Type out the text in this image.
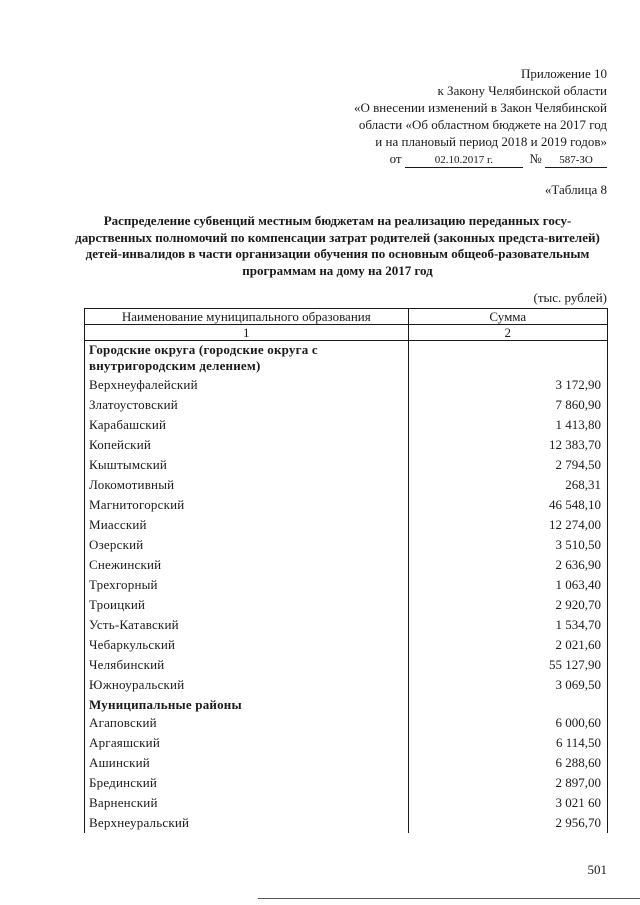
Приложение 10
к Закону Челябинской области
«О внесении изменений в Закон Челябинской
области «Об областном бюджете на 2017 год
и на плановый период 2018 и 2019 годов»
от	02.10.2017 г.	№ 587-ЗО
«Таблица 8
Распределение субвенций местным бюджетам на реализацию переданных госу-дарственных полномочий по компенсации затрат родителей (законных предста-вителей) детей-инвалидов в части организации обучения по основным общеоб-разовательным программам на дому на 2017 год
(тыс. рублей)
Наименование муниципального образования	Сумма
1	2
Городские округа (городские округа с внутригородским делением)	
Верхнеуфалейский	3 172,90
Златоустовский	7 860,90
Карабашский	1 413,80
Копейский	12 383,70
Кыштымский	2 794,50
Локомотивный	268,31
Магнитогорский	46 548,10
Миасский	12 274,00
Озерский	3 510,50
Снежинский	2 636,90
Трехгорный	1 063,40
Троицкий	2 920,70
Усть-Катавский	1 534,70
Чебаркульский	2 021,60
Челябинский	55 127,90
Южноуральский	3 069,50
Муниципальные районы	
Агаповский	6 000,60
Аргаяшский	6 114,50
Ашинский	6 288,60
Брединский	2 897,00
Варненский	3 021 60
Верхнеуральский	2 956,70
501
